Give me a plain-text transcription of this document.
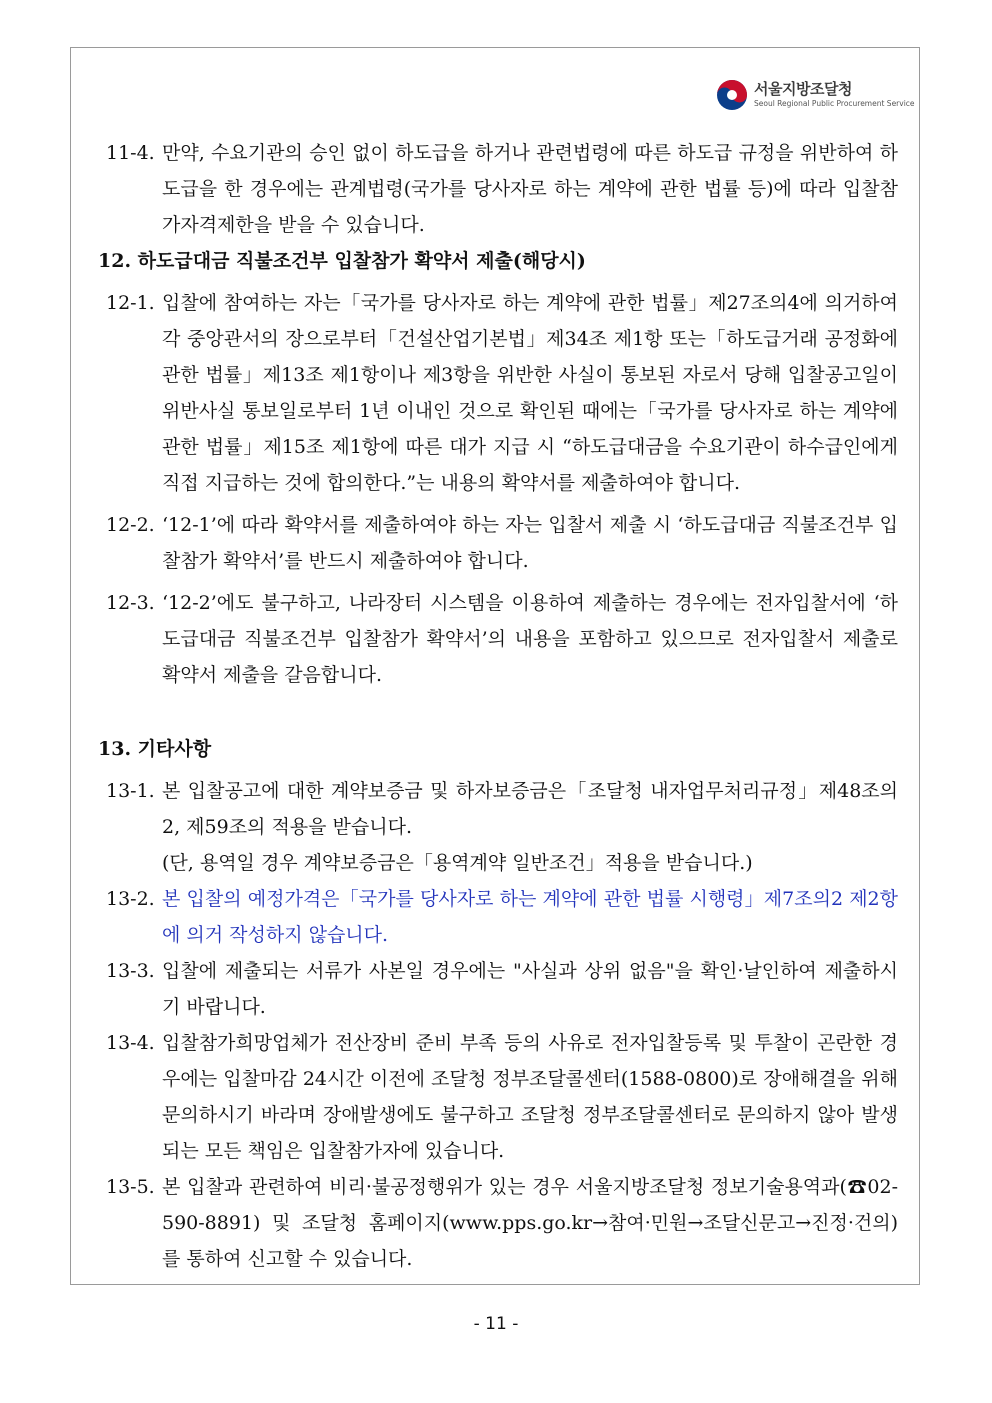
서울지방조달청
Seoul Regional Public Procurement Service
11-4. 만약, 수요기관의 승인 없이 하도급을 하거나 관련법령에 따른 하도급 규정을 위반하여 하도급을 한 경우에는 관계법령(국가를 당사자로 하는 계약에 관한 법률 등)에 따라 입찰참가자격제한을 받을 수 있습니다.
12. 하도급대금 직불조건부 입찰참가 확약서 제출(해당시)
12-1. 입찰에 참여하는 자는「국가를 당사자로 하는 계약에 관한 법률」제27조의4에 의거하여 각 중앙관서의 장으로부터「건설산업기본법」제34조 제1항 또는「하도급거래 공정화에 관한 법률」제13조 제1항이나 제3항을 위반한 사실이 통보된 자로서 당해 입찰공고일이 위반사실 통보일로부터 1년 이내인 것으로 확인된 때에는「국가를 당사자로 하는 계약에 관한 법률」제15조 제1항에 따른 대가 지급 시 “하도급대금을 수요기관이 하수급인에게 직접 지급하는 것에 합의한다.”는 내용의 확약서를 제출하여야 합니다.
12-2. ‘12-1’에 따라 확약서를 제출하여야 하는 자는 입찰서 제출 시 ‘하도급대금 직불조건부 입찰참가 확약서’를 반드시 제출하여야 합니다.
12-3. ‘12-2’에도 불구하고, 나라장터 시스템을 이용하여 제출하는 경우에는 전자입찰서에 ‘하도급대금 직불조건부 입찰참가 확약서’의 내용을 포함하고 있으므로 전자입찰서 제출로 확약서 제출을 갈음합니다.
13. 기타사항
13-1. 본 입찰공고에 대한 계약보증금 및 하자보증금은「조달청 내자업무처리규정」제48조의2, 제59조의 적용을 받습니다.
(단, 용역일 경우 계약보증금은「용역계약 일반조건」적용을 받습니다.)
13-2. 본 입찰의 예정가격은「국가를 당사자로 하는 계약에 관한 법률 시행령」제7조의2 제2항에 의거 작성하지 않습니다.
13-3. 입찰에 제출되는 서류가 사본일 경우에는 "사실과 상위 없음"을 확인·날인하여 제출하시기 바랍니다.
13-4. 입찰참가희망업체가 전산장비 준비 부족 등의 사유로 전자입찰등록 및 투찰이 곤란한 경우에는 입찰마감 24시간 이전에 조달청 정부조달콜센터(1588-0800)로 장애해결을 위해 문의하시기 바라며 장애발생에도 불구하고 조달청 정부조달콜센터로 문의하지 않아 발생되는 모든 책임은 입찰참가자에 있습니다.
13-5. 본 입찰과 관련하여 비리·불공정행위가 있는 경우 서울지방조달청 정보기술용역과(☎02-590-8891) 및 조달청 홈페이지(www.pps.go.kr→참여·민원→조달신문고→진정·건의)를 통하여 신고할 수 있습니다.
- 11 -
